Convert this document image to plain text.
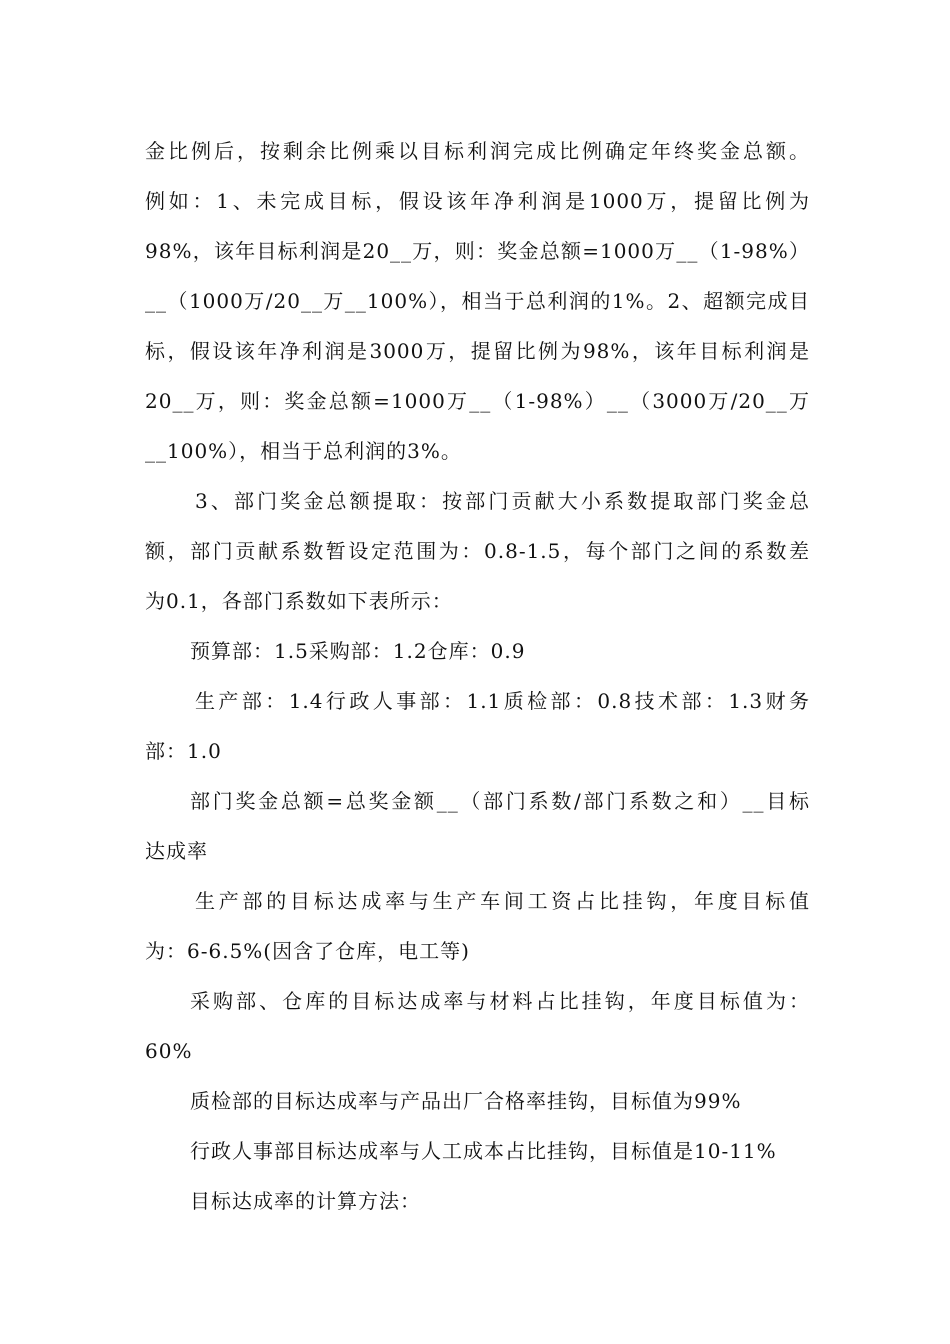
金比例后，按剩余比例乘以目标利润完成比例确定年终奖金总额。
例如：1、未完成目标，假设该年净利润是1000万，提留比例为
98%，该年目标利润是20__万，则：奖金总额=1000万__（1-98%）
__（1000万/20__万__100%），相当于总利润的1%。2、超额完成目
标，假设该年净利润是3000万，提留比例为98%，该年目标利润是
20__万，则：奖金总额=1000万__（1-98%）__（3000万/20__万
__100%），相当于总利润的3%。
3、部门奖金总额提取：按部门贡献大小系数提取部门奖金总
额，部门贡献系数暂设定范围为：0.8-1.5，每个部门之间的系数差
为0.1，各部门系数如下表所示：
预算部：1.5采购部：1.2仓库：0.9
生产部：1.4行政人事部：1.1质检部：0.8技术部：1.3财务
部：1.0
部门奖金总额=总奖金额__（部门系数/部门系数之和）__目标
达成率
生产部的目标达成率与生产车间工资占比挂钩，年度目标值
为：6-6.5%(因含了仓库，电工等)
采购部、仓库的目标达成率与材料占比挂钩，年度目标值为：
60%
质检部的目标达成率与产品出厂合格率挂钩，目标值为99%
行政人事部目标达成率与人工成本占比挂钩，目标值是10-11%
目标达成率的计算方法：
